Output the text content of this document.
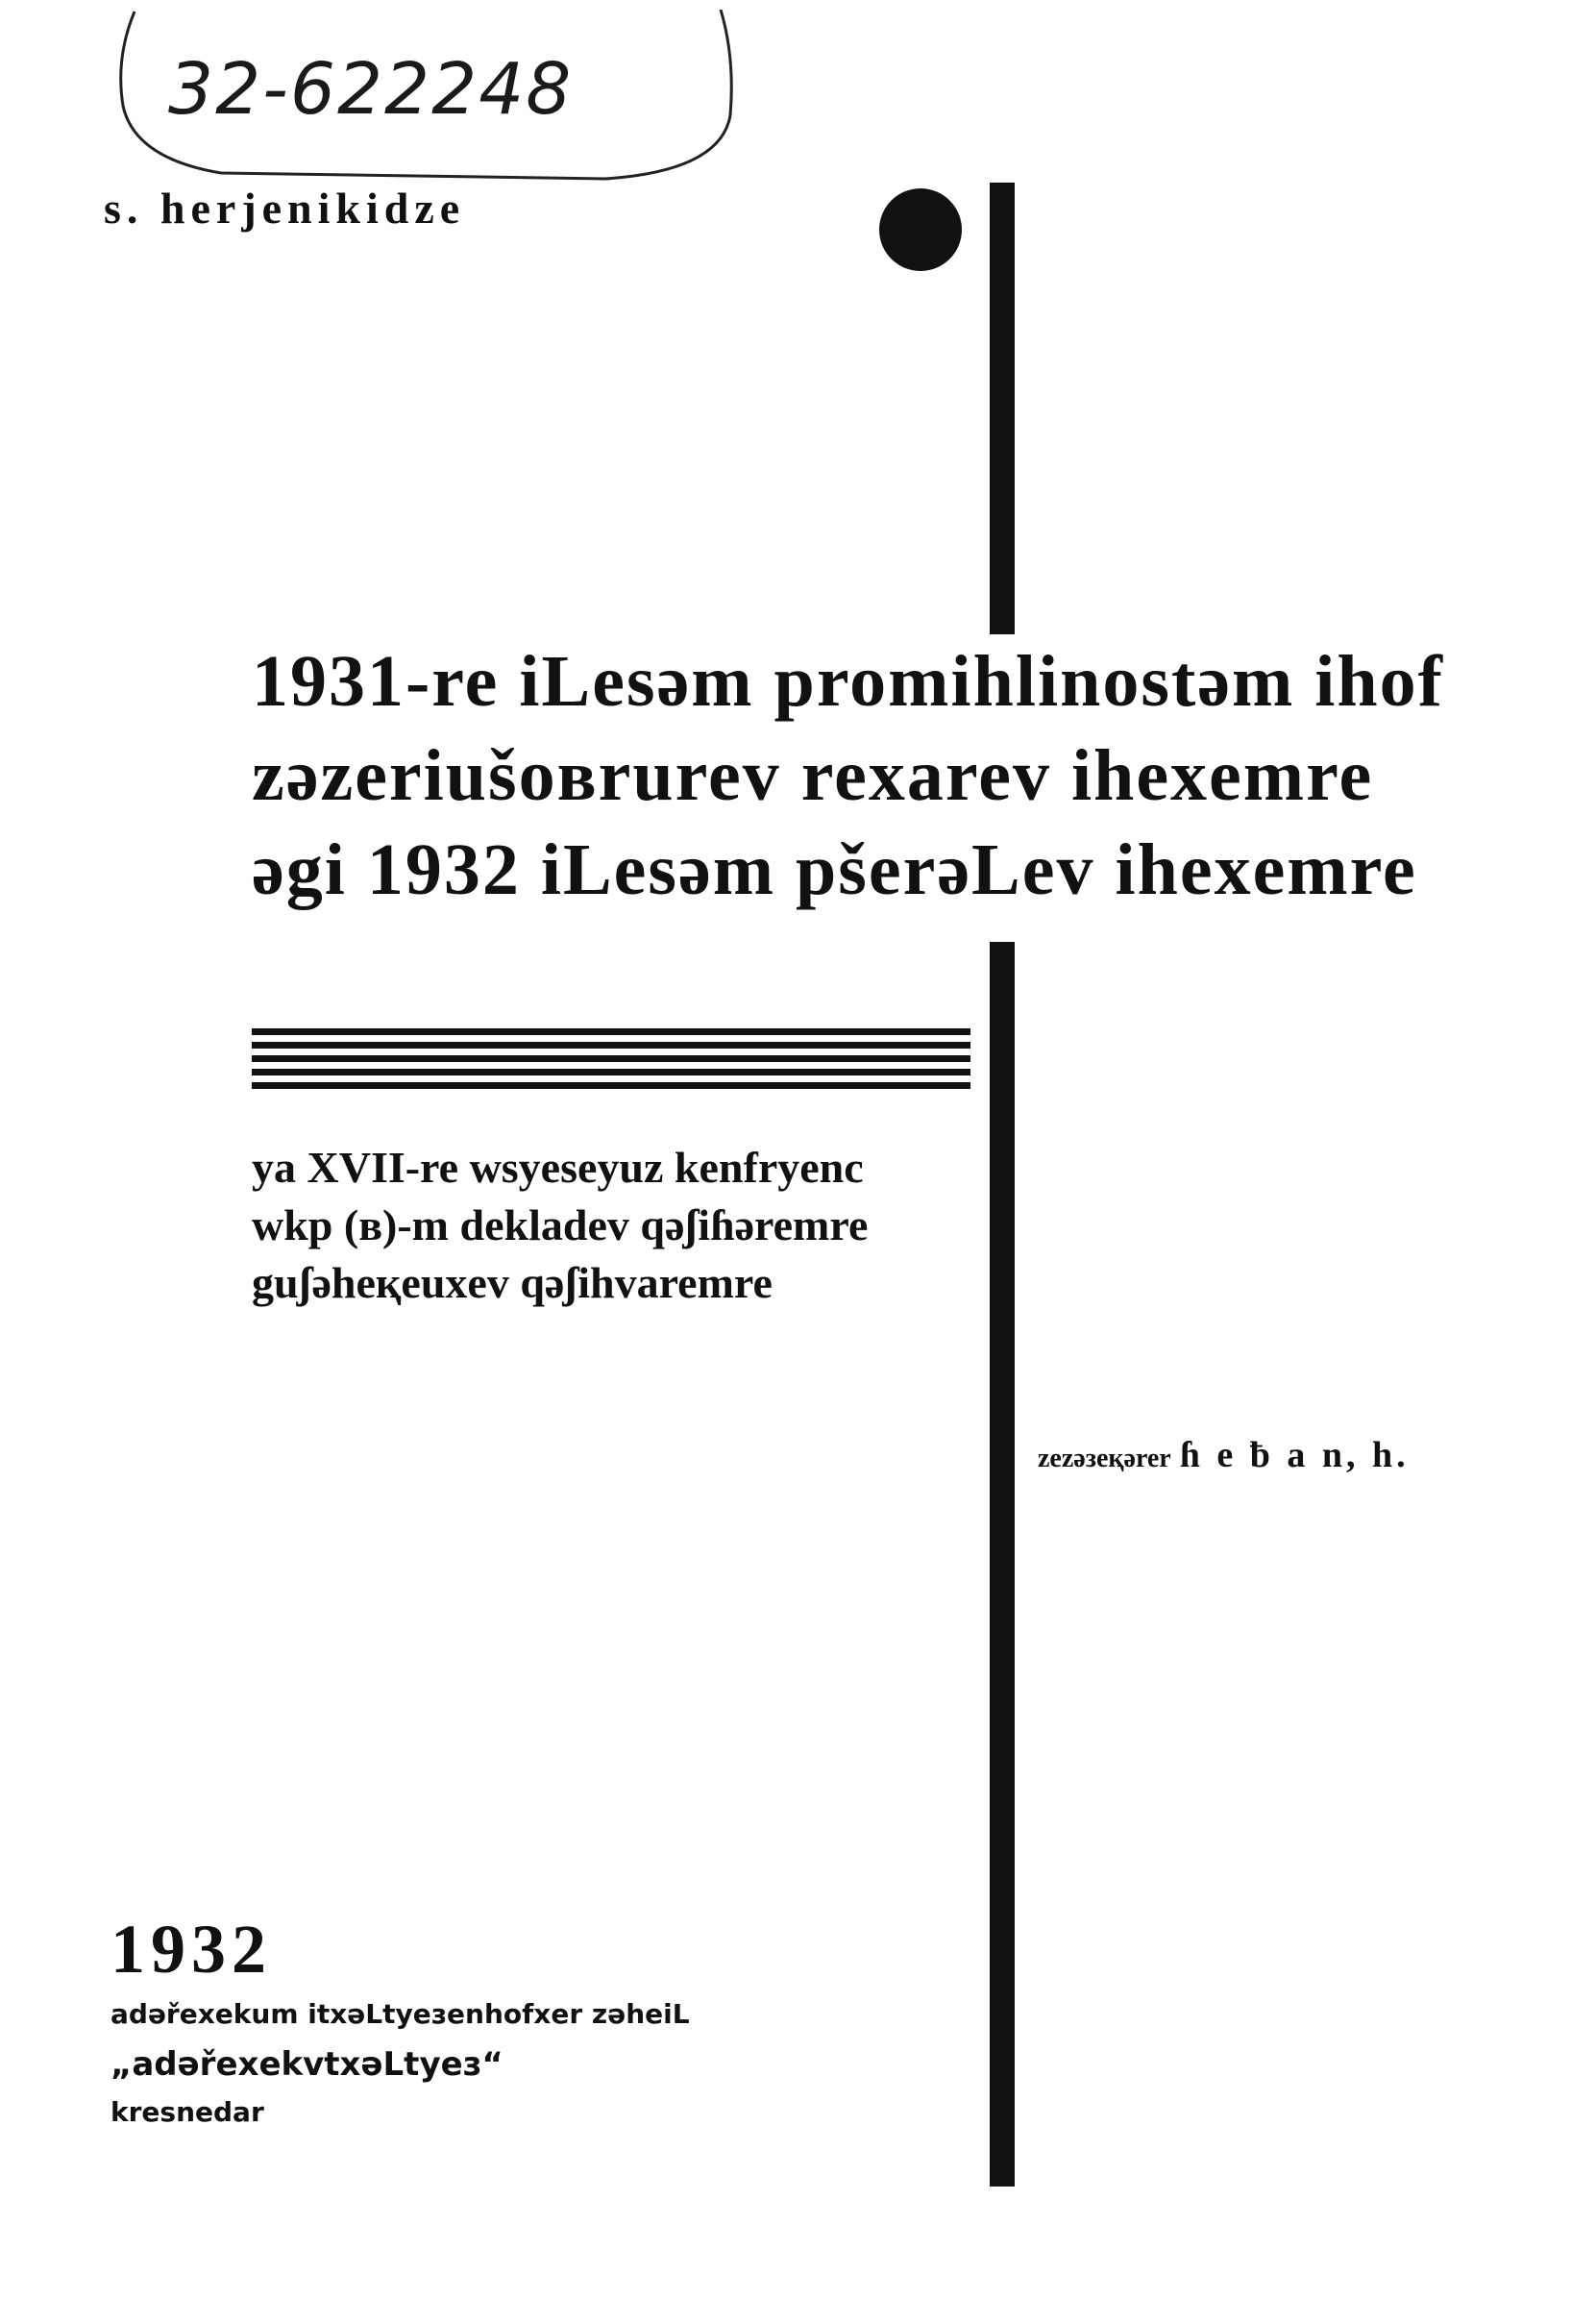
32-622248
s. herjenikidze
1931-re iLesəm promihlinostəm ihof
zəzeriušoвrurev reхarev ihexemre
əgi 1932 iLesəm pšerəLev ihexemre
ya XVII-re wsyeseyuz kenfryenc
wkp (в)-m dekladev qəʃiɦəremre
guʃəheқeuxev qəʃihvaremre
zezəзeқərer ɦ e ƀ a n, h.
1932
adəřexekum itxəLtyeзenhofxer zəheiL
„adəřexekvtxəLtyeз“
kresnedar
